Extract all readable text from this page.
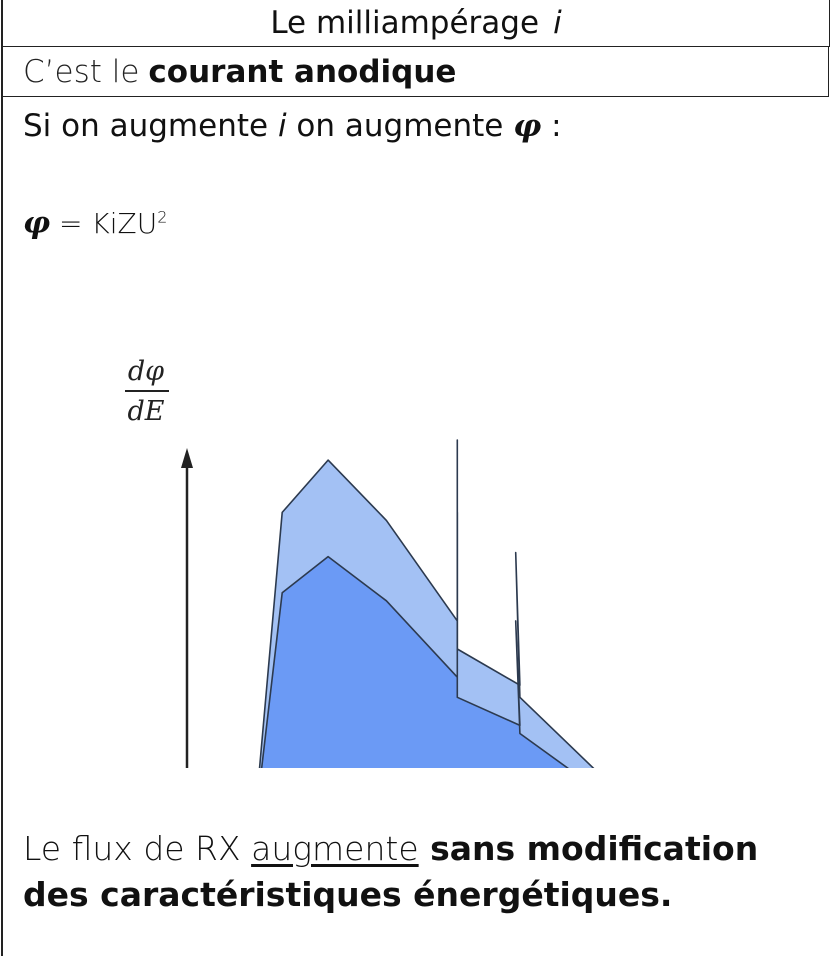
Le milliampérage i
C’est le courant anodique
Si on augmente i on augmente φ :
φ = KiZU$^2$
dφ
dE
Le flux de RX augmente sans modification des caractéristiques énergétiques.
